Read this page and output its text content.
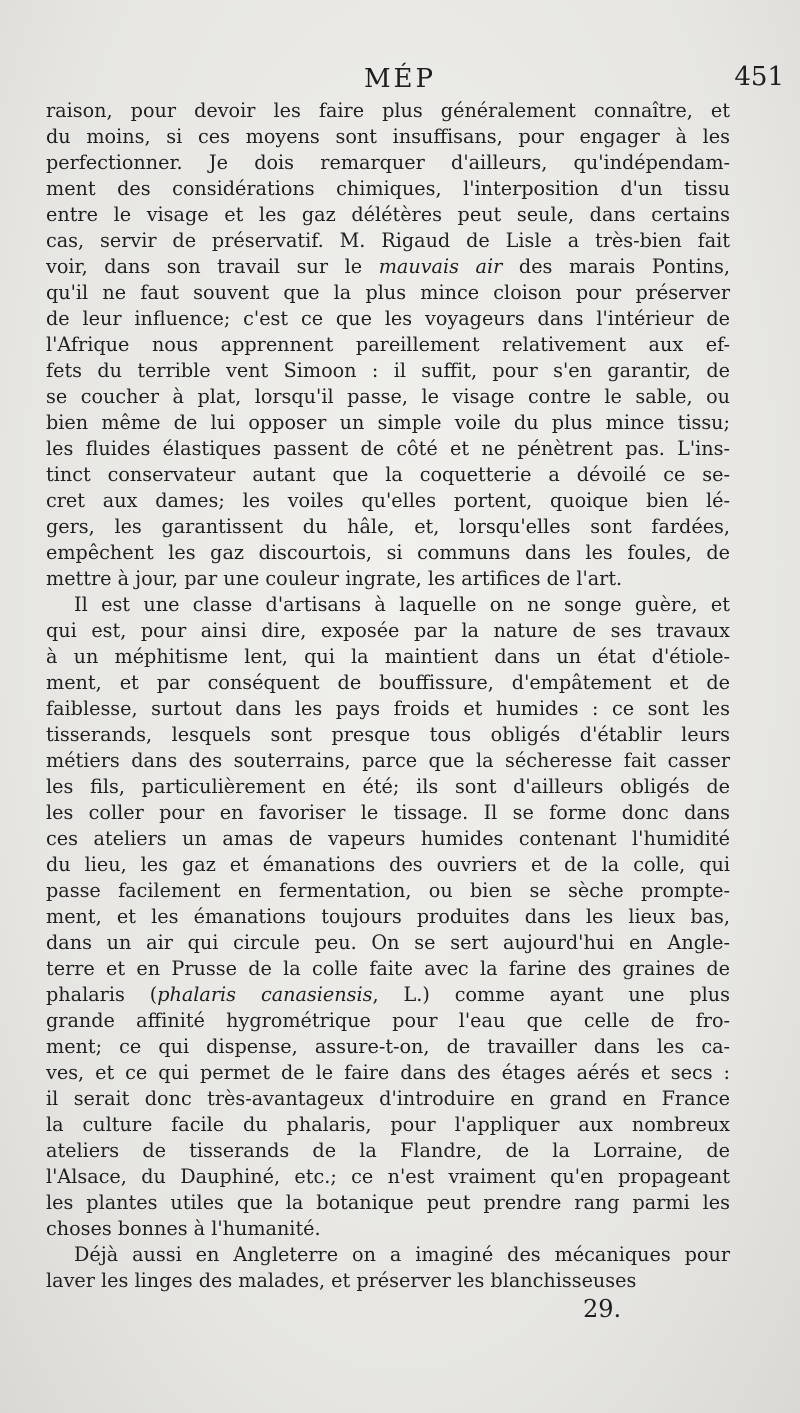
MÉP	451
raison, pour devoir les faire plus généralement connaître, et
du moins, si ces moyens sont insuffisans, pour engager à les
perfectionner. Je dois remarquer d'ailleurs, qu'indépendam-
ment des considérations chimiques, l'interposition d'un tissu
entre le visage et les gaz délétères peut seule, dans certains
cas, servir de préservatif. M. Rigaud de Lisle a très-bien fait
voir, dans son travail sur le mauvais air des marais Pontins,
qu'il ne faut souvent que la plus mince cloison pour préserver
de leur influence; c'est ce que les voyageurs dans l'intérieur de
l'Afrique nous apprennent pareillement relativement aux ef-
fets du terrible vent Simoon : il suffit, pour s'en garantir, de
se coucher à plat, lorsqu'il passe, le visage contre le sable, ou
bien même de lui opposer un simple voile du plus mince tissu;
les fluides élastiques passent de côté et ne pénètrent pas. L'ins-
tinct conservateur autant que la coquetterie a dévoilé ce se-
cret aux dames; les voiles qu'elles portent, quoique bien lé-
gers, les garantissent du hâle, et, lorsqu'elles sont fardées,
empêchent les gaz discourtois, si communs dans les foules, de
mettre à jour, par une couleur ingrate, les artifices de l'art.
Il est une classe d'artisans à laquelle on ne songe guère, et
qui est, pour ainsi dire, exposée par la nature de ses travaux
à un méphitisme lent, qui la maintient dans un état d'étiole-
ment, et par conséquent de bouffissure, d'empâtement et de
faiblesse, surtout dans les pays froids et humides : ce sont les
tisserands, lesquels sont presque tous obligés d'établir leurs
métiers dans des souterrains, parce que la sécheresse fait casser
les fils, particulièrement en été; ils sont d'ailleurs obligés de
les coller pour en favoriser le tissage. Il se forme donc dans
ces ateliers un amas de vapeurs humides contenant l'humidité
du lieu, les gaz et émanations des ouvriers et de la colle, qui
passe facilement en fermentation, ou bien se sèche prompte-
ment, et les émanations toujours produites dans les lieux bas,
dans un air qui circule peu. On se sert aujourd'hui en Angle-
terre et en Prusse de la colle faite avec la farine des graines de
phalaris (phalaris canasiensis, L.) comme ayant une plus
grande affinité hygrométrique pour l'eau que celle de fro-
ment; ce qui dispense, assure-t-on, de travailler dans les ca-
ves, et ce qui permet de le faire dans des étages aérés et secs :
il serait donc très-avantageux d'introduire en grand en France
la culture facile du phalaris, pour l'appliquer aux nombreux
ateliers de tisserands de la Flandre, de la Lorraine, de
l'Alsace, du Dauphiné, etc.; ce n'est vraiment qu'en propageant
les plantes utiles que la botanique peut prendre rang parmi les
choses bonnes à l'humanité.
Déjà aussi en Angleterre on a imaginé des mécaniques pour
laver les linges des malades, et préserver les blanchisseuses
29.
